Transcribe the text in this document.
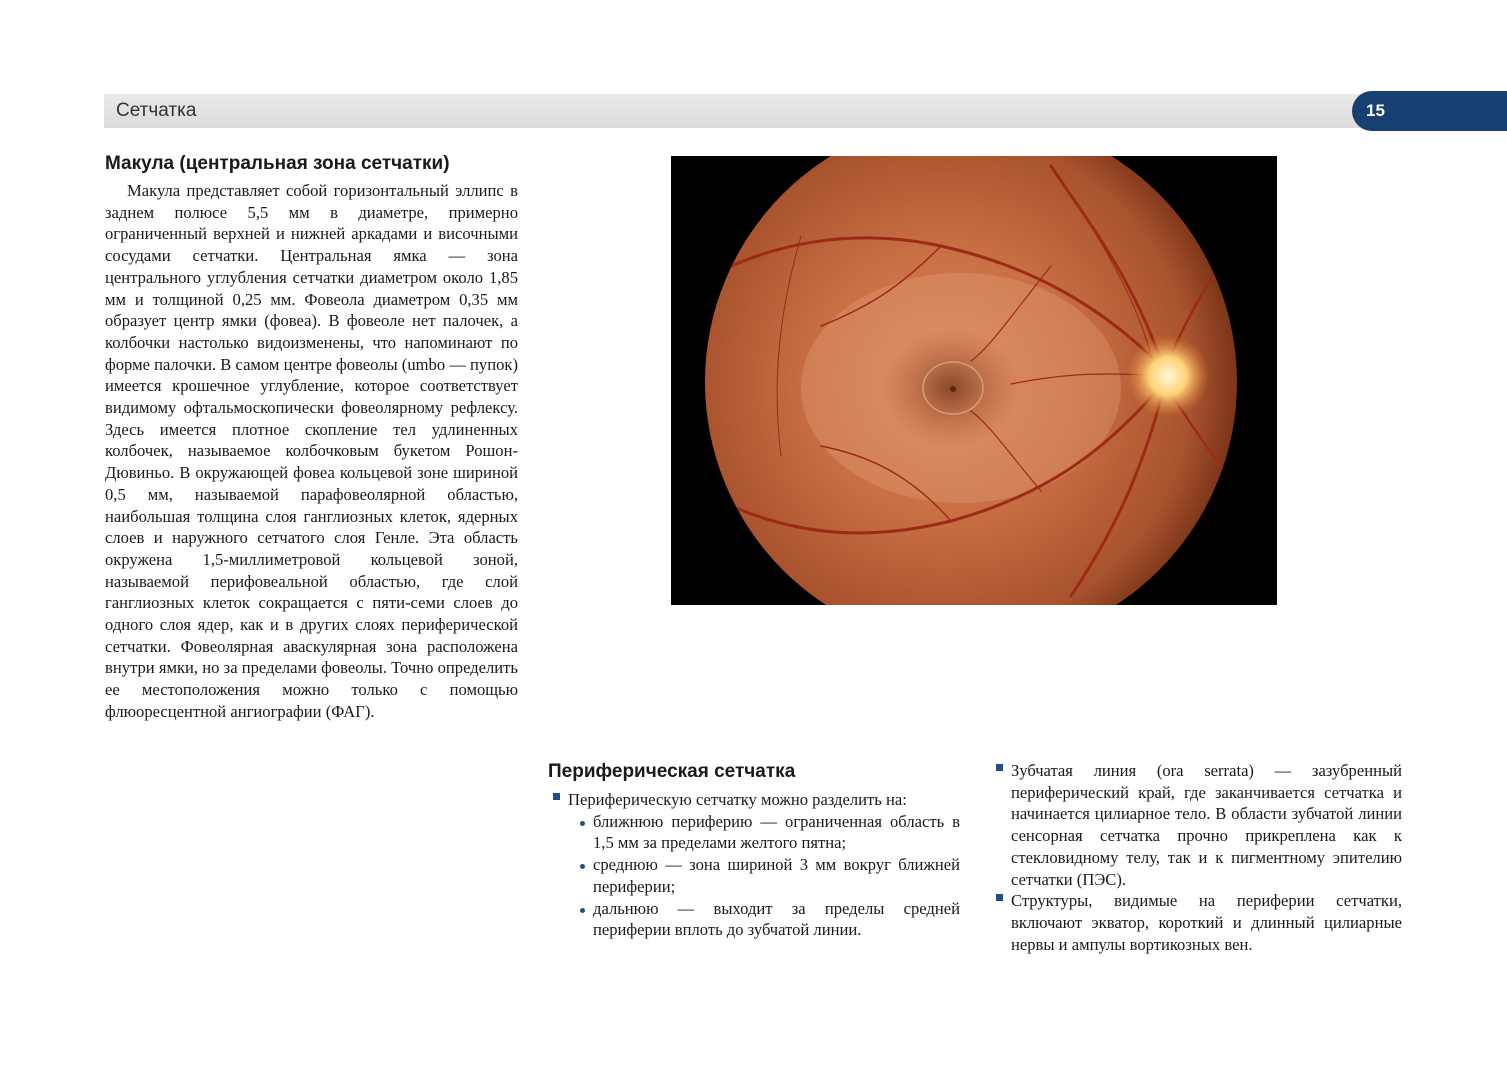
Сетчатка	15
Макула (центральная зона сетчатки)

Макула представляет собой горизонтальный эллипс в заднем полюсе 5,5 мм в диаметре, примерно ограниченный верхней и нижней аркадами и височными сосудами сетчатки. Центральная ямка — зона центрального углубления сетчатки диаметром около 1,85 мм и толщиной 0,25 мм. Фовеола диаметром 0,35 мм образует центр ямки (фовеа). В фовеоле нет палочек, а колбочки настолько видоизменены, что напоминают по форме палочки. В самом центре фовеолы (umbo — пупок) имеется крошечное углубление, которое соответствует видимому офтальмоскопически фовеолярному рефлексу. Здесь имеется плотное скопление тел удлиненных колбочек, называемое колбочковым букетом Рошон-Дювиньо. В окружающей фовеа кольцевой зоне шириной 0,5 мм, называемой парафовеолярной областью, наибольшая толщина слоя ганглиозных клеток, ядерных слоев и наружного сетчатого слоя Генле. Эта область окружена 1,5-миллиметровой кольцевой зоной, называемой перифовеальной областью, где слой ганглиозных клеток сокращается с пяти-семи слоев до одного слоя ядер, как и в других слоях периферической сетчатки. Фовеолярная аваскулярная зона расположена внутри ямки, но за пределами фовеолы. Точно определить ее местоположения можно только с помощью флюоресцентной ангиографии (ФАГ).

Периферическая сетчатка
Периферическую сетчатку можно разделить на:
ближнюю периферию — ограниченная область в 1,5 мм за пределами желтого пятна;
среднюю — зона шириной 3 мм вокруг ближней периферии;
дальнюю — выходит за пределы средней периферии вплоть до зубчатой линии.
Зубчатая линия (ora serrata) — зазубренный периферический край, где заканчивается сетчатка и начинается цилиарное тело. В области зубчатой линии сенсорная сетчатка прочно прикреплена как к стекловидному телу, так и к пигментному эпителию сетчатки (ПЭС).
Структуры, видимые на периферии сетчатки, включают экватор, короткий и длинный цилиарные нервы и ампулы вортикозных вен.
